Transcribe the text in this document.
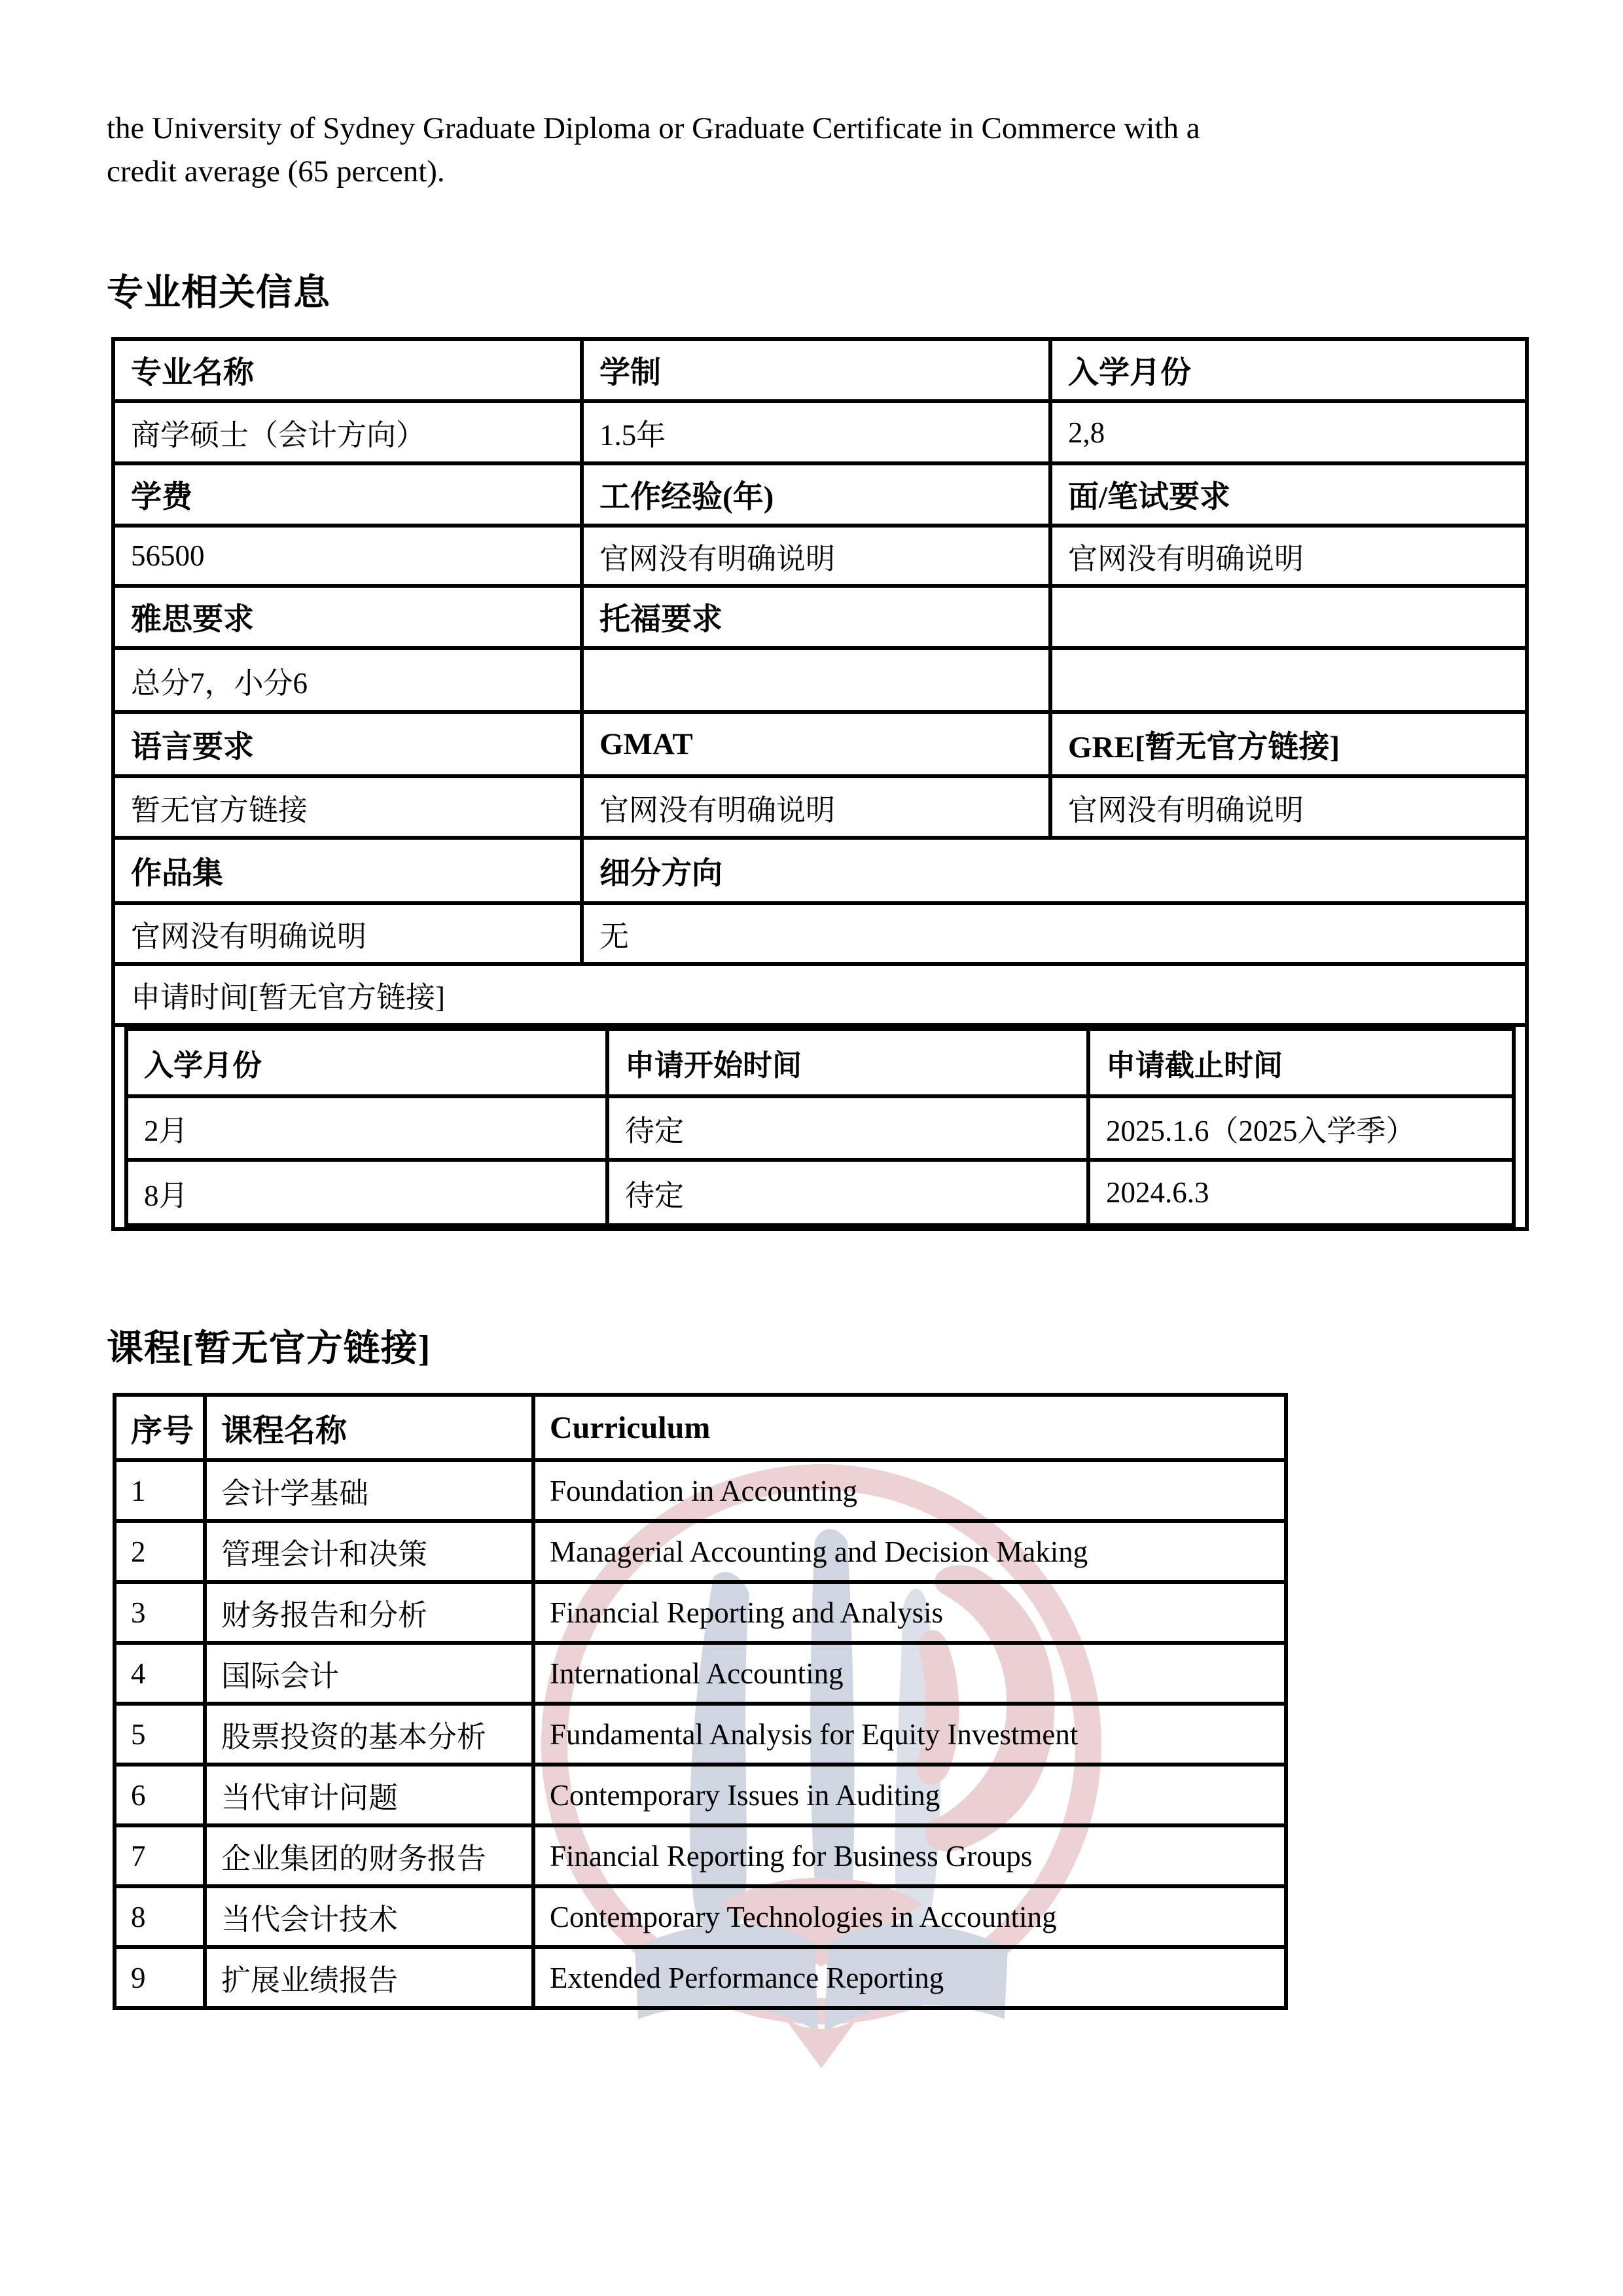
the University of Sydney Graduate Diploma or Graduate Certificate in Commerce with a
credit average (65 percent).
专业相关信息
专业名称	学制	入学月份
商学硕士（会计方向）	1.5年	2,8
学费	工作经验(年)	面/笔试要求
56500	官网没有明确说明	官网没有明确说明
雅思要求	托福要求	
总分7，小分6		
语言要求	GMAT	GRE[暂无官方链接]
暂无官方链接	官网没有明确说明	官网没有明确说明
作品集	细分方向
官网没有明确说明	无
申请时间[暂无官方链接]

入学月份	申请开始时间	申请截止时间
2月	待定	2025.1.6（2025入学季）
8月	待定	2024.6.3
课程[暂无官方链接]
序号	课程名称	Curriculum
1	会计学基础	Foundation in Accounting
2	管理会计和决策	Managerial Accounting and Decision Making
3	财务报告和分析	Financial Reporting and Analysis
4	国际会计	International Accounting
5	股票投资的基本分析	Fundamental Analysis for Equity Investment
6	当代审计问题	Contemporary Issues in Auditing
7	企业集团的财务报告	Financial Reporting for Business Groups
8	当代会计技术	Contemporary Technologies in Accounting
9	扩展业绩报告	Extended Performance Reporting
